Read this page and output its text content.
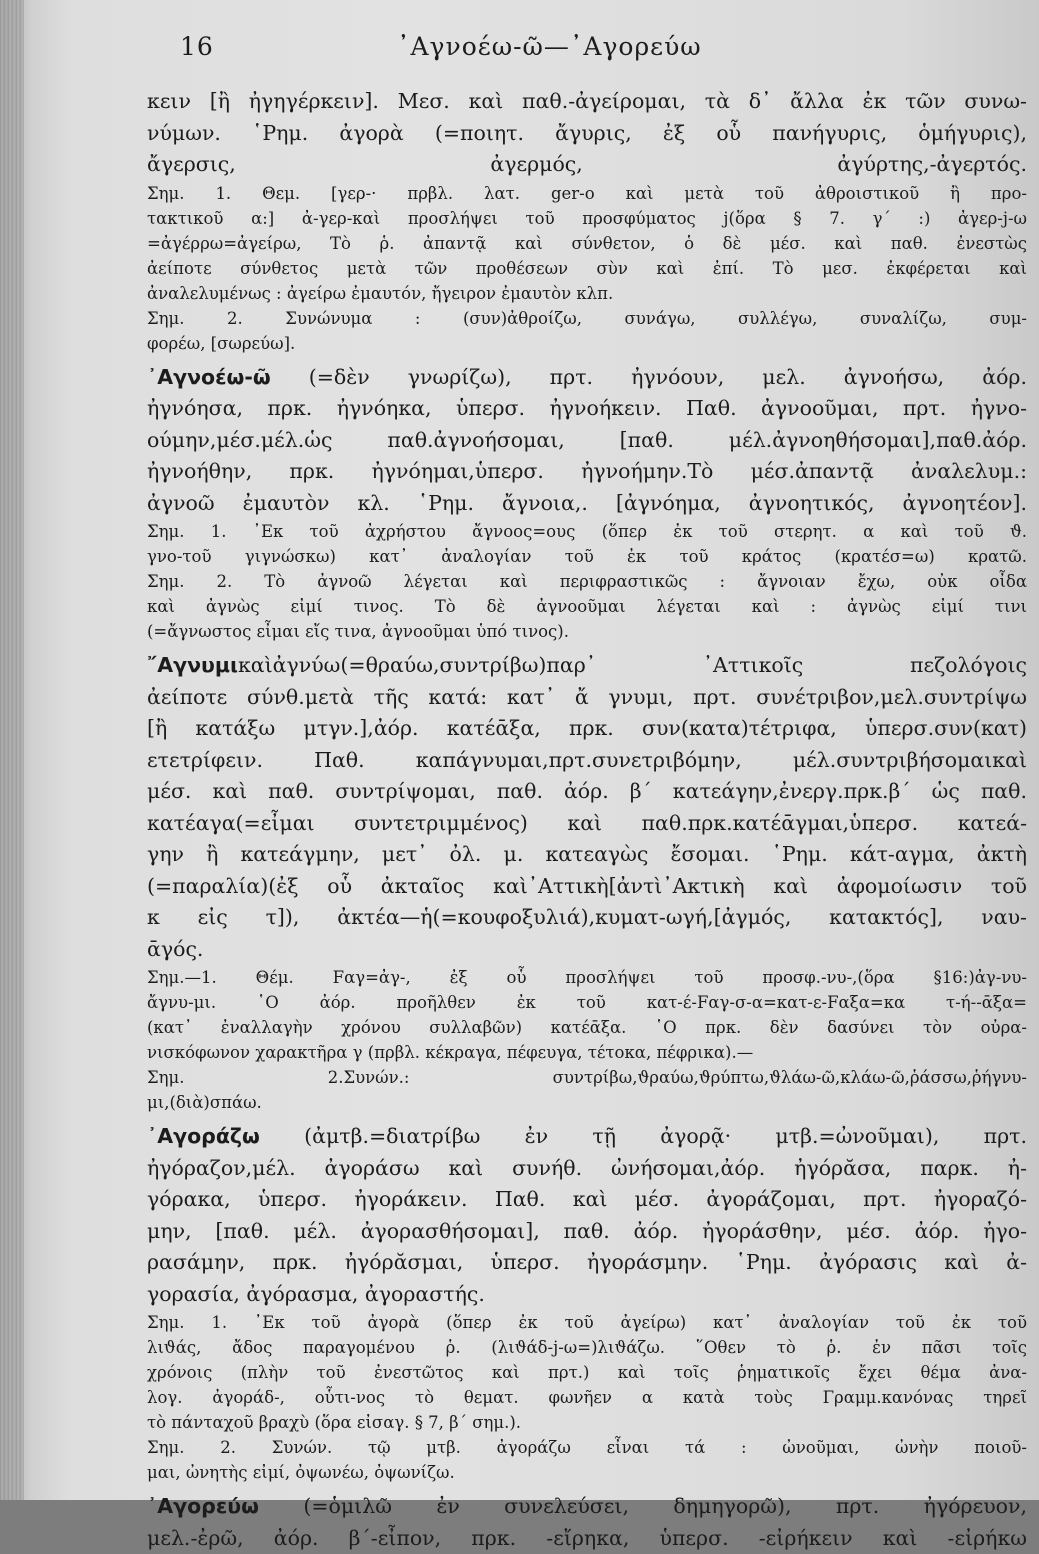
16	᾿Αγνοέω-ῶ—᾿Αγορεύω
κειν [ἢ ἠγηγέρκειν]. Μεσ. καὶ παθ.-ἀγείρομαι, τὰ δ᾿ ἄλλα ἐκ τῶν συνω-
νύμων. ῾Ρημ. ἀγορὰ (=ποιητ. ἄγυρις, ἐξ οὗ πανήγυρις, ὁμήγυρις),
ἄγερσις, ἀγερμός, ἀγύρτης,-ἀγερτός.
Σημ. 1. Θεμ. [γερ-· πρβλ. λατ. ger-o καὶ μετὰ τοῦ ἀθροιστικοῦ ἢ προ-
τακτικοῦ α:] ἀ-γερ-καὶ προσλήψει τοῦ προσφύματος j(ὅρα § 7. γ΄ :) ἀγερ-j-ω
=ἀγέρρω=ἀγείρω, Τὸ ῥ. ἀπαντᾷ καὶ σύνθετον, ὁ δὲ μέσ. καὶ παθ. ἐνεστὼς
ἀείποτε σύνθετος μετὰ τῶν προθέσεων σὺν καὶ ἐπί. Τὸ μεσ. ἐκφέρεται καὶ
ἀναλελυμένως : ἀγείρω ἐμαυτόν, ἤγειρον ἐμαυτὸν κλπ.
Σημ. 2. Συνώνυμα : (συν)ἀθροίζω, συνάγω, συλλέγω, συναλίζω, συμ-
φορέω, [σωρεύω].
᾿Αγνοέω-ῶ (=δὲν γνωρίζω), πρτ. ἠγνόουν, μελ. ἀγνοήσω, ἀόρ.
ἠγνόησα, πρκ. ἠγνόηκα, ὑπερσ. ἠγνοήκειν. Παθ. ἀγνοοῦμαι, πρτ. ἠγνο-
ούμην,μέσ.μέλ.ὡς παθ.ἀγνοήσομαι, [παθ. μέλ.ἀγνοηθήσομαι],παθ.ἀόρ.
ἠγνοήθην, πρκ. ἠγνόημαι,ὑπερσ. ἠγνοήμην.Τὸ μέσ.ἀπαντᾷ ἀναλελυμ.:
ἀγνοῶ ἐμαυτὸν κλ. ῾Ρημ. ἄγνοια,. [ἀγνόημα, ἀγνοητικός, ἀγνοητέον].
Σημ. 1. ᾿Εκ τοῦ ἀχρήστου ἄγνοος=ους (ὅπερ ἐκ τοῦ στερητ. α καὶ τοῦ ϑ.
γνο-τοῦ γιγνώσκω) κατ᾿ ἀναλογίαν τοῦ ἐκ τοῦ κράτος (κρατέσ=ω) κρατῶ.
Σημ. 2. Τὸ ἀγνοῶ λέγεται καὶ περιφραστικῶς : ἄγνοιαν ἔχω, οὐκ οἶδα
καὶ ἀγνὼς εἰμί τινος. Τὸ δὲ ἀγνοοῦμαι λέγεται καὶ : ἀγνὼς εἰμί τινι
(=ἄγνωστος εἶμαι εἴς τινα, ἀγνοοῦμαι ὑπό τινος).
῎Αγνυμικαὶἀγνύω(=θραύω,συντρίβω)παρ᾿ ᾿Αττικοῖς πεζολόγοις
ἀείποτε σύνθ.μετὰ τῆς κατά: κατ᾿ ἄ γνυμι, πρτ. συνέτριβον,μελ.συντρίψω
[ἢ κατάξω μτγν.],ἀόρ. κατέᾱξα, πρκ. συν(κατα)τέτριφα, ὑπερσ.συν(κατ)
ετετρίφειν. Παθ. καπάγνυμαι,πρτ.συνετριβόμην, μέλ.συντριβήσομαικαὶ
μέσ. καὶ παθ. συντρίψομαι, παθ. ἀόρ. β΄ κατεάγην,ἐνεργ.πρκ.β΄ ὡς παθ.
κατέαγα(=εἶμαι συντετριμμένος) καὶ παθ.πρκ.κατέᾱγμαι,ὑπερσ. κατεά-
γην ἢ κατεάγμην, μετ᾿ ὀλ. μ. κατεαγὼς ἔσομαι. ῾Ρημ. κάτ-αγμα, ἀκτὴ
(=παραλία)(ἐξ οὗ ἀκταῖος καὶ᾿Αττικὴ[ἀντὶ᾿Ακτικὴ καὶ ἀφομοίωσιν τοῦ
κ εἰς τ]), ἀκτέα—ἡ(=κουφοξυλιά),κυματ-ωγή,[ἀγμός, κατακτός], ναυ-
ᾱγός.
Σημ.—1. Θέμ. Fαγ=ἀγ-, ἐξ οὗ προσλήψει τοῦ προσφ.-νυ-,(ὅρα §16:)ἀγ-νυ-
ἄγνυ-μι. ῾Ο ἀόρ. προῆλθεν ἐκ τοῦ κατ-έ-Fαγ-σ-α=κατ-ε-Fαξα=κα τ-ή--ᾱξα=
(κατ᾿ ἐναλλαγὴν χρόνου συλλαβῶν) κατέᾱξα. ῾Ο πρκ. δὲν δασύνει τὸν οὐρα-
νισκόφωνον χαρακτῆρα γ (πρβλ. κέκραγα, πέφευγα, τέτοκα, πέφρικα).—
Σημ. 2.Συνών.: συντρίβω,ϑραύω,ϑρύπτω,ϑλάω-ῶ,κλάω-ῶ,ῥάσσω,ῥήγνυ-
μι,(διὰ)σπάω.
᾿Αγοράζω (ἀμτβ.=διατρίβω ἐν τῇ ἀγορᾷ· μτβ.=ὠνοῦμαι), πρτ.
ἠγόραζον,μέλ. ἀγοράσω καὶ συνήθ. ὠνήσομαι,ἀόρ. ἠγόρᾰσα, παρκ. ἠ-
γόρακα, ὑπερσ. ἠγοράκειν. Παθ. καὶ μέσ. ἀγοράζομαι, πρτ. ἠγοραζό-
μην, [παθ. μέλ. ἀγορασθήσομαι], παθ. ἀόρ. ἠγοράσθην, μέσ. ἀόρ. ἠγο-
ρασάμην, πρκ. ἠγόρᾰσμαι, ὑπερσ. ἠγοράσμην. ῾Ρημ. ἀγόρασις καὶ ἀ-
γορασία, ἀγόρασμα, ἀγοραστής.
Σημ. 1. ᾿Εκ τοῦ ἀγορὰ (ὅπερ ἐκ τοῦ ἀγείρω) κατ᾿ ἀναλογίαν τοῦ ἐκ τοῦ
λιϑάς, ἄδος παραγομένου ῥ. (λιϑάδ-j-ω=)λιϑάζω. ῞Οθεν τὸ ῥ. ἐν πᾶσι τοῖς
χρόνοις (πλὴν τοῦ ἐνεστῶτος καὶ πρτ.) καὶ τοῖς ῥηματικοῖς ἔχει θέμα ἀνα-
λογ. ἀγοράδ-, οὗτι-νος τὸ θεματ. φωνῆεν α κατὰ τοὺς Γραμμ.κανόνας τηρεῖ
τὸ πάνταχοῦ βραχὺ (ὅρα εἰσαγ. § 7, β΄ σημ.).
Σημ. 2. Συνών. τῷ μτβ. ἀγοράζω εἶναι τά : ὠνοῦμαι, ὠνὴν ποιοῦ-
μαι, ὠνητὴς εἰμί, ὀψωνέω, ὀψωνίζω.
᾿Αγορεύω (=ὁμιλῶ ἐν συνελεύσει, δημηγορῶ), πρτ. ἠγόρευον,
μελ.-ἐρῶ, ἀόρ. β΄-εἶπον, πρκ. -εἴρηκα, ὑπερσ. -εἰρήκειν καὶ -εἰρήκω
